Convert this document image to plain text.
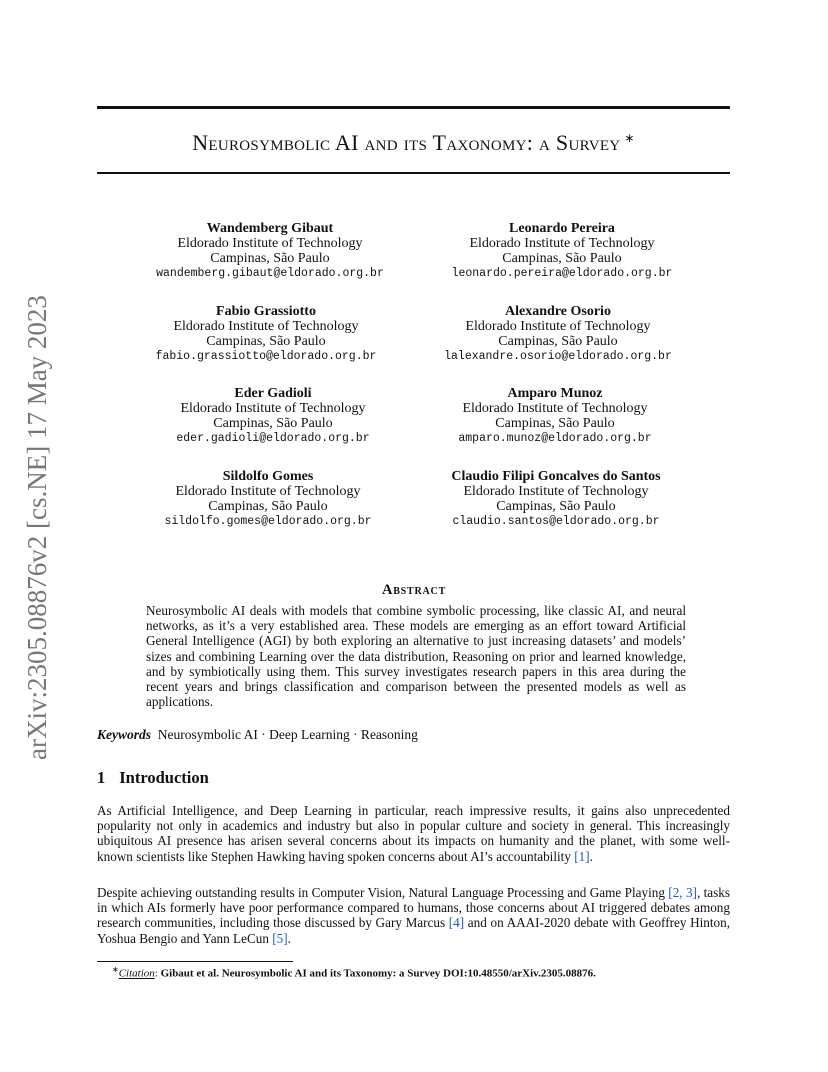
Neurosymbolic AI and its Taxonomy: a Survey ∗
arXiv:2305.08876v2 [cs.NE] 17 May 2023
Wandemberg Gibaut
Eldorado Institute of Technology
Campinas, São Paulo
wandemberg.gibaut@eldorado.org.br
Fabio Grassiotto
Eldorado Institute of Technology
Campinas, São Paulo
fabio.grassiotto@eldorado.org.br
Eder Gadioli
Eldorado Institute of Technology
Campinas, São Paulo
eder.gadioli@eldorado.org.br
Sildolfo Gomes
Eldorado Institute of Technology
Campinas, São Paulo
sildolfo.gomes@eldorado.org.br
Leonardo Pereira
Eldorado Institute of Technology
Campinas, São Paulo
leonardo.pereira@eldorado.org.br
Alexandre Osorio
Eldorado Institute of Technology
Campinas, São Paulo
lalexandre.osorio@eldorado.org.br
Amparo Munoz
Eldorado Institute of Technology
Campinas, São Paulo
amparo.munoz@eldorado.org.br
Claudio Filipi Goncalves do Santos
Eldorado Institute of Technology
Campinas, São Paulo
claudio.santos@eldorado.org.br
Abstract
Neurosymbolic AI deals with models that combine symbolic processing, like classic AI, and neural networks, as it’s a very established area. These models are emerging as an effort toward Artificial General Intelligence (AGI) by both exploring an alternative to just increasing datasets’ and models’ sizes and combining Learning over the data distribution, Reasoning on prior and learned knowledge, and by symbiotically using them. This survey investigates research papers in this area during the recent years and brings classification and comparison between the presented models as well as applications.
Keywords Neurosymbolic AI · Deep Learning · Reasoning
1 Introduction
As Artificial Intelligence, and Deep Learning in particular, reach impressive results, it gains also unprecedented popularity not only in academics and industry but also in popular culture and society in general. This increasingly ubiquitous AI presence has arisen several concerns about its impacts on humanity and the planet, with some well-known scientists like Stephen Hawking having spoken concerns about AI’s accountability [1].
Despite achieving outstanding results in Computer Vision, Natural Language Processing and Game Playing [2, 3], tasks in which AIs formerly have poor performance compared to humans, those concerns about AI triggered debates among research communities, including those discussed by Gary Marcus [4] and on AAAI-2020 debate with Geoffrey Hinton, Yoshua Bengio and Yann LeCun [5].
∗Citation: Gibaut et al. Neurosymbolic AI and its Taxonomy: a Survey DOI:10.48550/arXiv.2305.08876.
